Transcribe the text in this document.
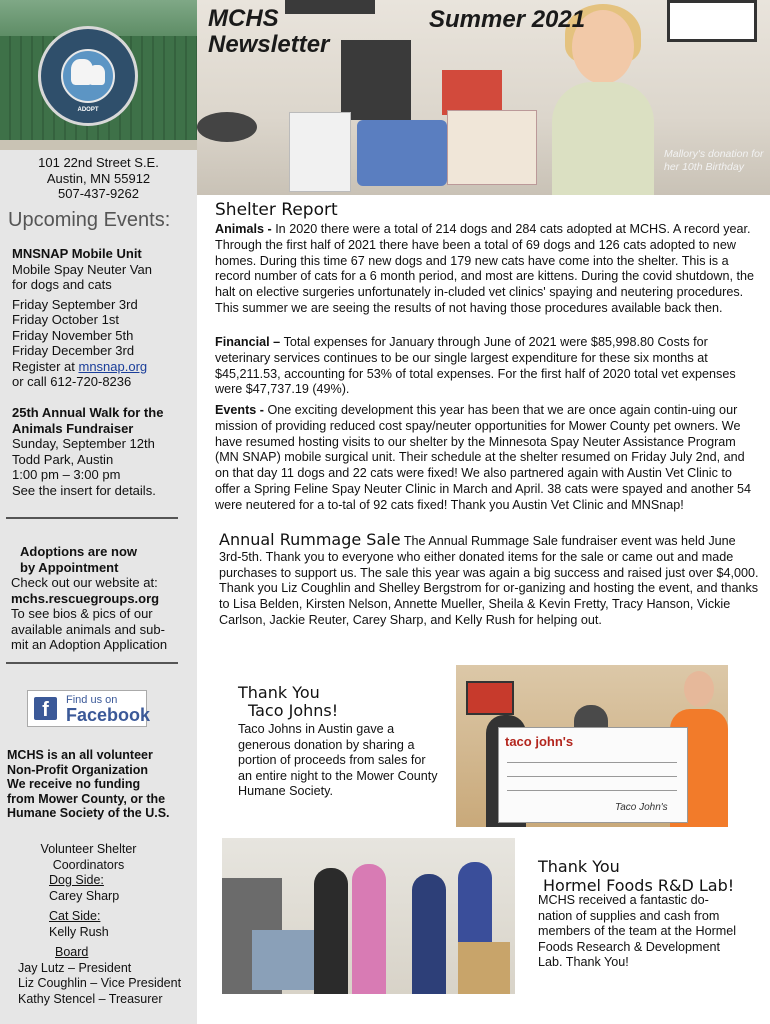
ADOPT
101 22nd Street S.E.
Austin, MN 55912
507-437-9262
Upcoming Events:
MNSNAP Mobile Unit
Mobile Spay Neuter Van
for dogs and cats
Friday September 3rd
Friday October 1st
Friday November 5th
Friday December 3rd
Register at mnsnap.org
or call 612-720-8236
25th Annual Walk for the
Animals Fundraiser
Sunday, September 12th
Todd Park, Austin
1:00 pm – 3:00 pm
See the insert for details.
Adoptions are now
by Appointment
Check out our website at:
mchs.rescuegroups.org
To see bios & pics of our
available animals and sub-
mit an Adoption Application
f	Find us on
Facebook
MCHS is an all volunteer
Non-Profit Organization
We receive no funding
from Mower County, or the
Humane Society of the U.S.
Volunteer Shelter
Coordinators
Dog Side:
Carey Sharp
Cat Side:
Kelly Rush
Board
Jay Lutz – President
Liz Coughlin – Vice President
Kathy Stencel – Treasurer
MCHS
Newsletter
Summer 2021
Mallory's donation for her 10th Birthday
Shelter Report
Animals - In 2020 there were a total of 214 dogs and 284 cats adopted at MCHS. A record year. Through the first half of 2021 there have been a total of 69 dogs and 126 cats adopted to new homes. During this time 67 new dogs and 179 new cats have come into the shelter. This is a record number of cats for a 6 month period, and most are kittens. During the covid shutdown, the halt on elective surgeries unfortunately in-cluded vet clinics' spaying and neutering procedures. This summer we are seeing the results of not having those procedures available back then.
Financial – Total expenses for January through June of 2021 were $85,998.80 Costs for veterinary services continues to be our single largest expenditure for these six months at $45,211.53, accounting for 53% of total expenses. For the first half of 2020 total vet expenses were $47,737.19 (49%).
Events - One exciting development this year has been that we are once again contin-uing our mission of providing reduced cost spay/neuter opportunities for Mower County pet owners. We have resumed hosting visits to our shelter by the Minnesota Spay Neuter Assistance Program (MN SNAP) mobile surgical unit. Their schedule at the shelter resumed on Friday July 2nd, and on that day 11 dogs and 22 cats were fixed! We also partnered again with Austin Vet Clinic to offer a Spring Feline Spay Neuter Clinic in March and April. 38 cats were spayed and another 54 were neutered for a to-tal of 92 cats fixed! Thank you Austin Vet Clinic and MNSnap!
Annual Rummage Sale The Annual Rummage Sale fundraiser event was held June 3rd-5th. Thank you to everyone who either donated items for the sale or came out and made purchases to support us. The sale this year was again a big success and raised just over $4,000. Thank you Liz Coughlin and Shelley Bergstrom for or-ganizing and hosting the event, and thanks to Lisa Belden, Kirsten Nelson, Annette Mueller, Sheila & Kevin Fretty, Tracy Hanson, Vickie Carlson, Jackie Reuter, Carey Sharp, and Kelly Rush for helping out.
Thank You
Taco Johns!
Taco Johns in Austin gave a generous donation by sharing a portion of proceeds from sales for an entire night to the Mower County Humane Society.
taco john's
Taco John's
Thank You
Hormel Foods R&D Lab!
MCHS received a fantastic do-nation of supplies and cash from members of the team at the Hormel Foods Research & Development Lab. Thank You!
